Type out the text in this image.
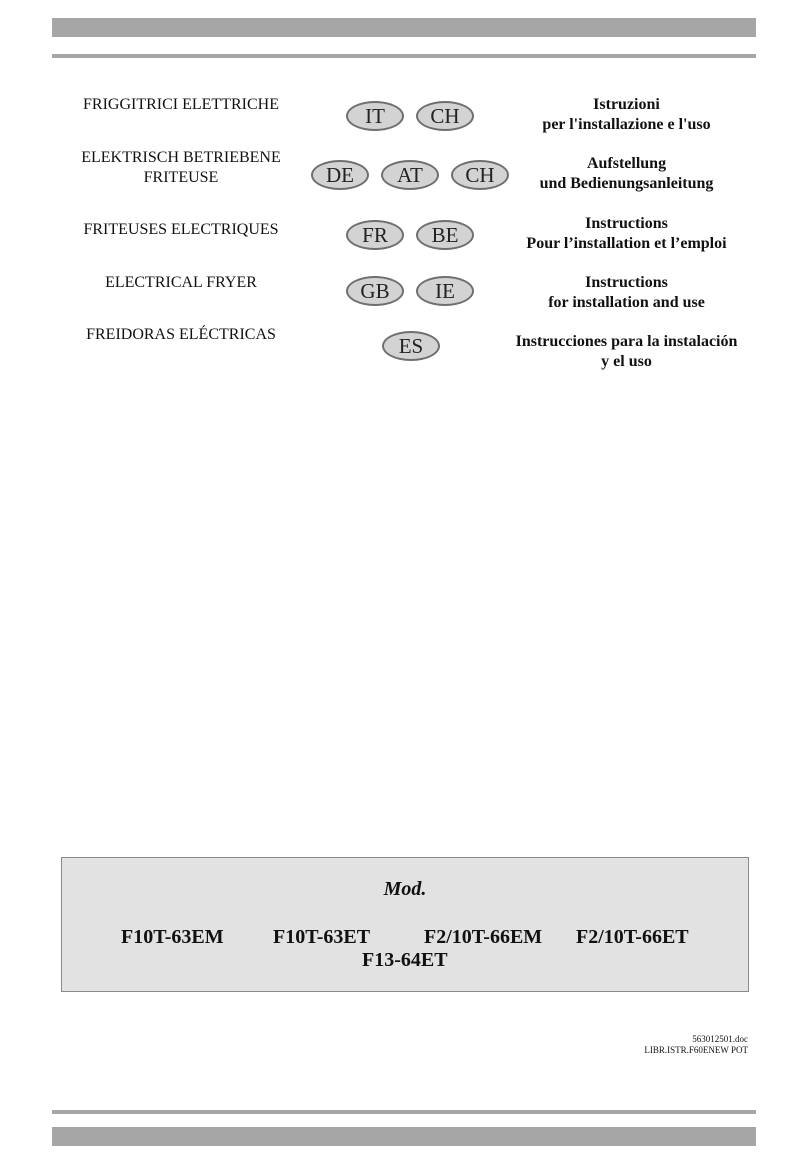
FRIGGITRICI ELETTRICHE	IT	CH	Istruzioni
per l'installazione e l'uso
ELEKTRISCH BETRIEBENE
FRITEUSE	DE	AT	CH	Aufstellung
und Bedienungsanleitung
FRITEUSES ELECTRIQUES	FR	BE	Instructions
Pour l’installation et l’emploi
ELECTRICAL FRYER	GB	IE	Instructions
for installation and use
FREIDORAS ELÉCTRICAS	ES	Instrucciones para la instalación
y el uso
Mod.
F10T-63EM F10T-63ET	F2/10T-66EM F2/10T-66ET
F13-64ET
563012501.doc
LIBR.ISTR.F60ENEW POT
